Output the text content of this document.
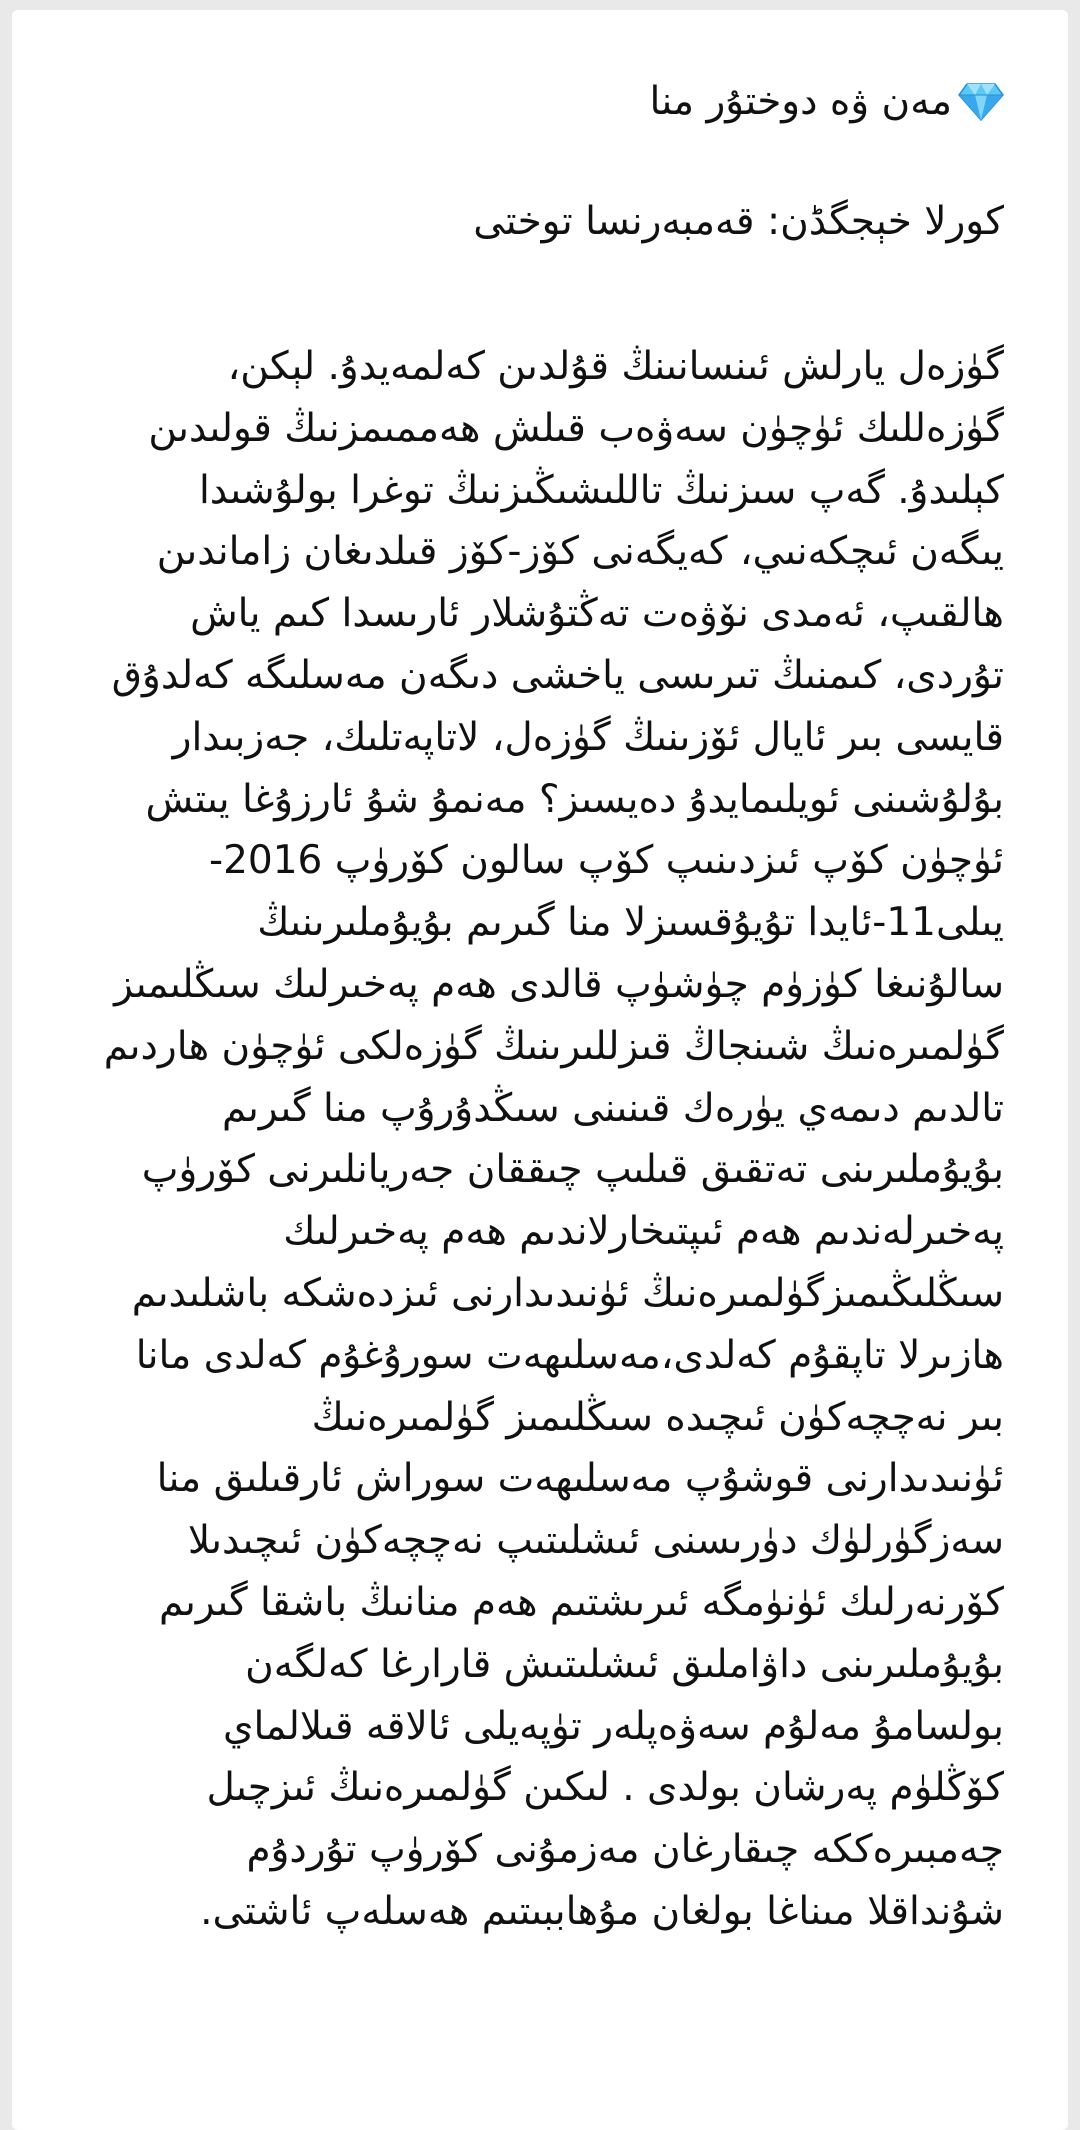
مەن ۋە دوختۇر منا
كورلا خېجگڈن: قەمبەرنسا توختى
گۈزەل يارلش ئىنسانىنڭ قۇلدىن كەلمەيدۇ. لېكن،
گۈزەللىك ئۈچۈن سەۋەب قىلش ھەممىمزنىڭ قولىدىن
كېلىدۇ. گەپ سىزنىڭ تاللىشىڭىزنىڭ توغرا بولۇشىدا
يىگەن ئىچكەنىي، كەيگەنى كۆز-كۆز قىلدىغان زاماندىن
ھالقىپ، ئەمدى نۆۋەت تەڭتۇشلار ئارىسدا كىم ياش
تۇردى، كىمنىڭ تىرىسى ياخشى دىگەن مەسلىگە كەلدۇق
قايسى بىر ئايال ئۆزىنىڭ گۈزەل، لاتاپەتلىك، جەزبىدار
بۇلۇشىنى ئويلىمايدۇ دەيسىز؟ مەنمۇ شۇ ئارزۇغا يىتش
ئۈچۈن كۆپ ئىزدىنىپ كۆپ سالون كۆرۈپ 2016-
يىلى11-ئايدا تۇيۇقسىزلا منا گىرىم بۇيۇملىرىنىڭ
سالۇنىغا كۈزۈم چۈشۈپ قالدى ھەم پەخىرلىك سىڭلىمىز
گۈلمىرەنىڭ شىنجاڭ قىزللىرىنىڭ گۈزەلكى ئۈچۈن ھاردىم
تالدىم دىمەي يۈرەك قىنىنى سىڭدۇرۇپ منا گىرىم
بۇيۇملىرىنى تەتقىق قىلىپ چىققان جەريانلىرنى كۆرۈپ
پەخىرلەندىم ھەم ئىپتىخارلاندىم ھەم پەخىرلىك
سىڭلىڭىمىزگۈلمىرەنىڭ ئۈنىدىدارنى ئىزدەشكە باشلىدىم
ھازىرلا تاپقۇم كەلدى،مەسلىھەت سورۇغۇم كەلدى مانا
بىر نەچچەكۈن ئىچىدە سىڭلىمىز گۈلمىرەنىڭ
ئۈنىدىدارنى قوشۇپ مەسلىھەت سوراش ئارقىلىق منا
سەزگۈرلۈك دۈرىسنى ئىشلىتىپ نەچچەكۈن ئىچىدىلا
كۆرنەرلىك ئۈنۈمگە ئىرىشتىم ھەم منانىڭ باشقا گىرىم
بۇيۇملىرىنى داۋاملىق ئىشلىتىش قارارغا كەلگەن
بولسامۇ مەلۇم سەۋەپلەر تۈپەيلى ئالاقە قىلالماي
كۆڭلۈم پەرشان بولدى . لىكىن گۈلمىرەنىڭ ئىزچىل
چەمبىرەككە چىقارغان مەزمۇنى كۆرۈپ تۇردۇم
شۇنداقلا مىناغا بولغان مۇھاببىتىم ھەسلەپ ئاشتى.
